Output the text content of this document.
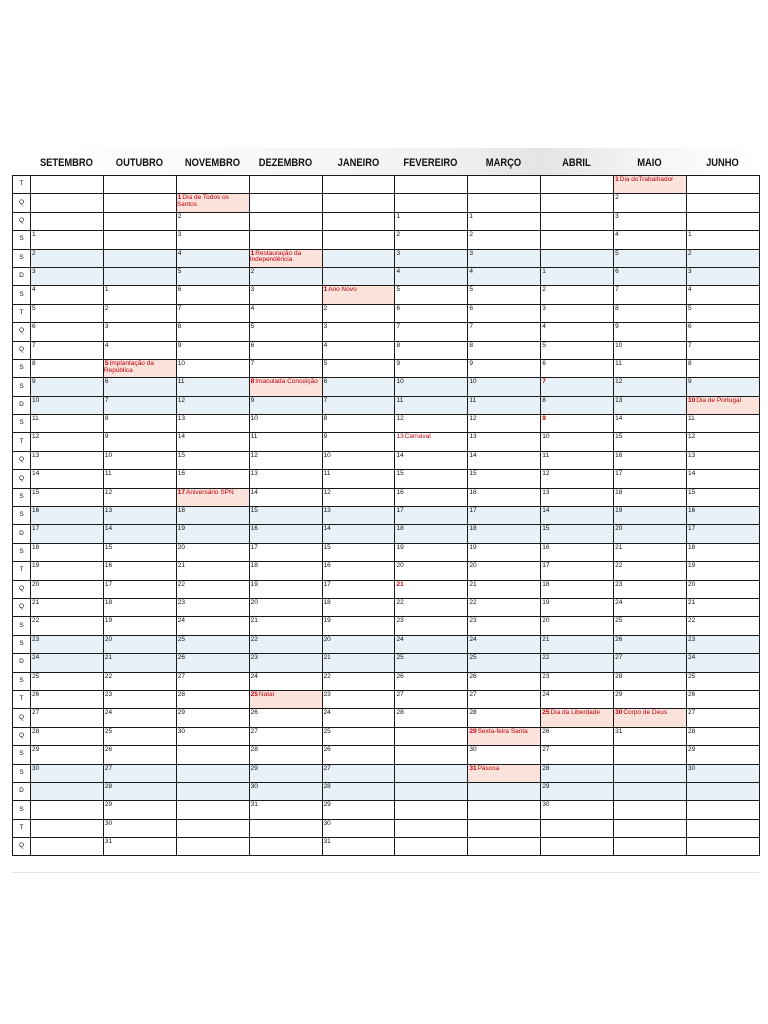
SETEMBRO	OUTUBRO	NOVEMBRO	DEZEMBRO	JANEIRO	FEVEREIRO	MARÇO	ABRIL	MAIO	JUNHO
T									1Dia doTrabalhador	
Q			1Dia de Todos os Santos						2	
Q			2			1	1		3	
S	1		3			2	2		4	1
S	2		4	1Restauração da Independência		3	3		5	2
D	3		5	2		4	4	1	6	3
S	4	1	6	3	1Ano Novo	5	5	2	7	4
T	5	2	7	4	2	6	6	3	8	5
Q	6	3	8	5	3	7	7	4	9	6
Q	7	4	9	6	4	8	8	5	10	7
S	8	5Implantação da República	10	7	5	9	9	6	11	8
S	9	6	11	8Imaculada Conceição	6	10	10	7	12	9
D	10	7	12	9	7	11	11	8	13	10Dia de Portugal
S	11	8	13	10	8	12	12	9	14	11
T	12	9	14	11	9	13Carnaval	13	10	15	12
Q	13	10	15	12	10	14	14	11	16	13
Q	14	11	16	13	11	15	15	12	17	14
S	15	12	17Aniversário SPN	14	12	16	16	13	18	15
S	16	13	18	15	13	17	17	14	19	16
D	17	14	19	16	14	18	18	15	20	17
S	18	15	20	17	15	19	19	16	21	18
T	19	16	21	18	16	20	20	17	22	19
Q	20	17	22	19	17	21	21	18	23	20
Q	21	18	23	20	18	22	22	19	24	21
S	22	19	24	21	19	23	23	20	25	22
S	23	20	25	22	20	24	24	21	26	23
D	24	21	26	23	21	25	25	22	27	24
S	25	22	27	24	22	26	26	23	28	25
T	26	23	28	25Natal	23	27	27	24	29	26
Q	27	24	29	26	24	28	28	25Dia da Liberdade	30Corpo de Deus	27
Q	28	25	30	27	25		29Sexta-feira Santa	26	31	28
S	29	26		28	26		30	27		29
S	30	27		29	27		31Páscoa	28		30
D		28		30	28			29		
S		29		31	29			30		
T		30			30					
Q		31			31					
